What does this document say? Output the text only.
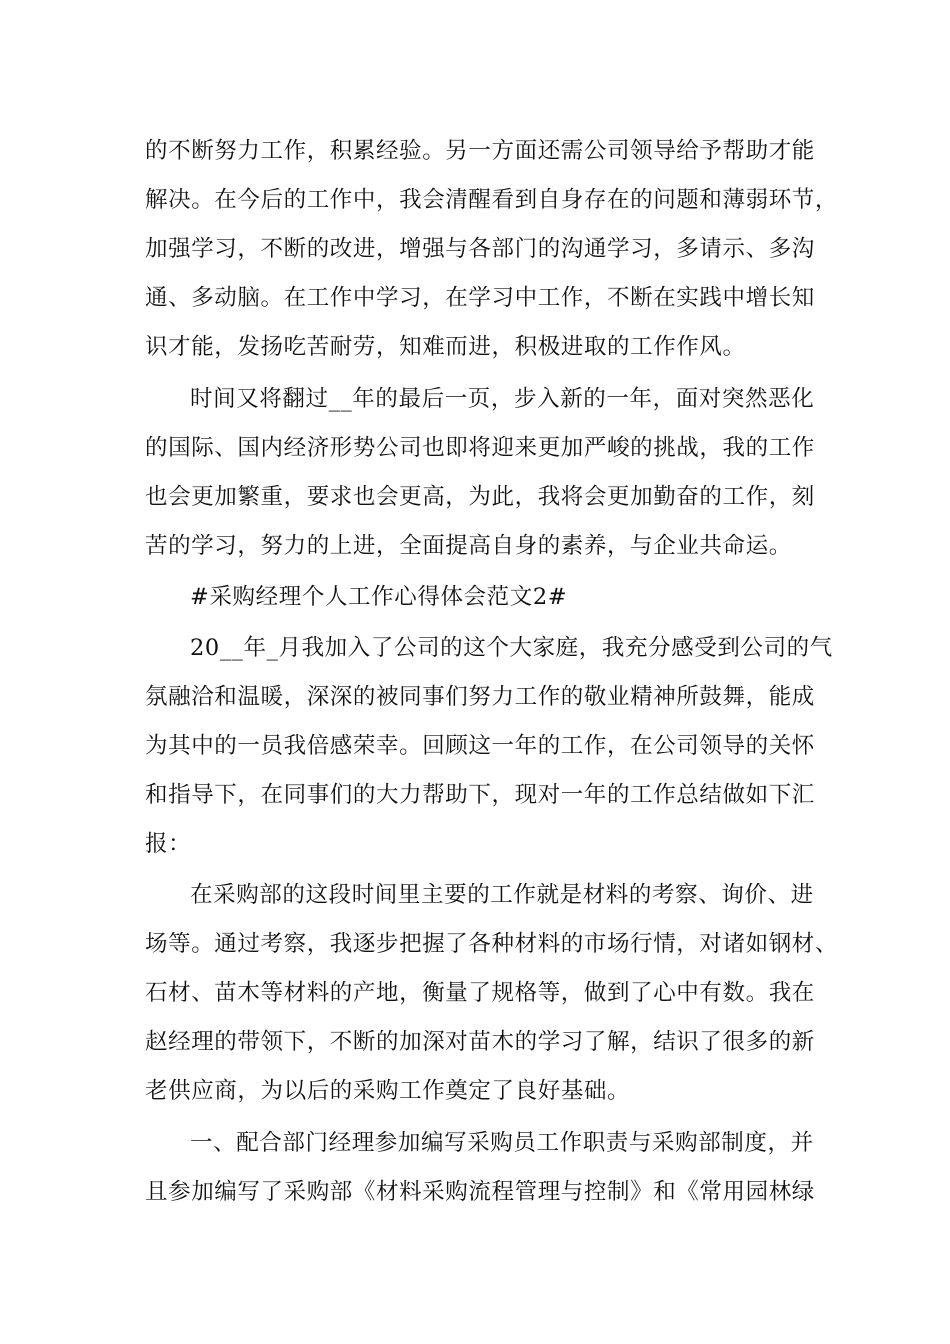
的不断努力工作，积累经验。另一方面还需公司领导给予帮助才能
解决。在今后的工作中，我会清醒看到自身存在的问题和薄弱环节，
加强学习，不断的改进，增强与各部门的沟通学习，多请示、多沟
通、多动脑。在工作中学习，在学习中工作，不断在实践中增长知
识才能，发扬吃苦耐劳，知难而进，积极进取的工作作风。
时间又将翻过__年的最后一页，步入新的一年，面对突然恶化
的国际、国内经济形势公司也即将迎来更加严峻的挑战，我的工作
也会更加繁重，要求也会更高，为此，我将会更加勤奋的工作，刻
苦的学习，努力的上进，全面提高自身的素养，与企业共命运。
#采购经理个人工作心得体会范文2#
20__年_月我加入了公司的这个大家庭，我充分感受到公司的气
氛融洽和温暖，深深的被同事们努力工作的敬业精神所鼓舞，能成
为其中的一员我倍感荣幸。回顾这一年的工作，在公司领导的关怀
和指导下，在同事们的大力帮助下，现对一年的工作总结做如下汇
报：
在采购部的这段时间里主要的工作就是材料的考察、询价、进
场等。通过考察，我逐步把握了各种材料的市场行情，对诸如钢材、
石材、苗木等材料的产地，衡量了规格等，做到了心中有数。我在
赵经理的带领下，不断的加深对苗木的学习了解，结识了很多的新
老供应商，为以后的采购工作奠定了良好基础。
一、配合部门经理参加编写采购员工作职责与采购部制度，并
且参加编写了采购部《材料采购流程管理与控制》和《常用园林绿
